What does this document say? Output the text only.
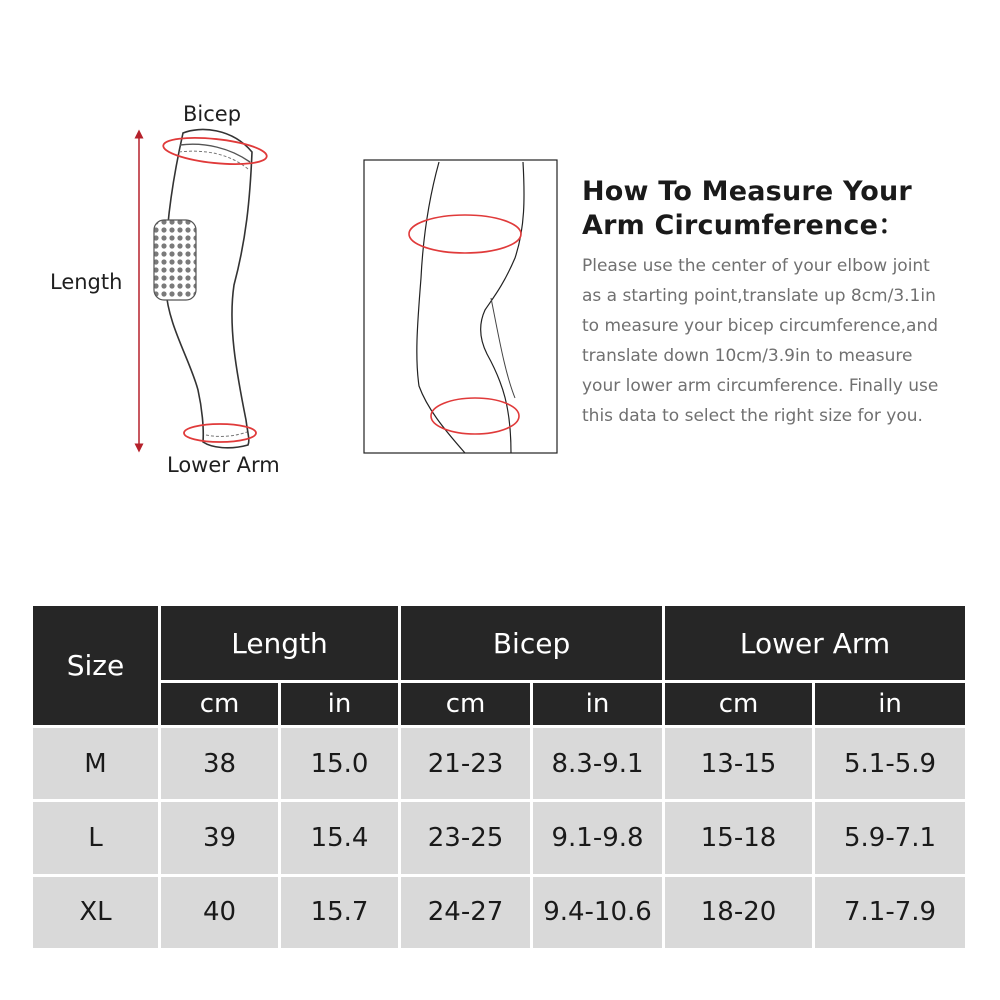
Bicep
Length
Lower Arm
How To Measure Your Arm Circumference：

Please use the center of your elbow joint as a starting point,translate up 8cm/3.1in to measure your bicep circumference,and translate down 10cm/3.9in to measure your lower arm circumference. Finally use this data to select the right size for you.

Size	Length		Bicep		Lower Arm	
	cm	in	cm	in	cm	in
M	38	15.0	21-23	8.3-9.1	13-15	5.1-5.9
L	39	15.4	23-25	9.1-9.8	15-18	5.9-7.1
XL	40	15.7	24-27	9.4-10.6	18-20	7.1-7.9
